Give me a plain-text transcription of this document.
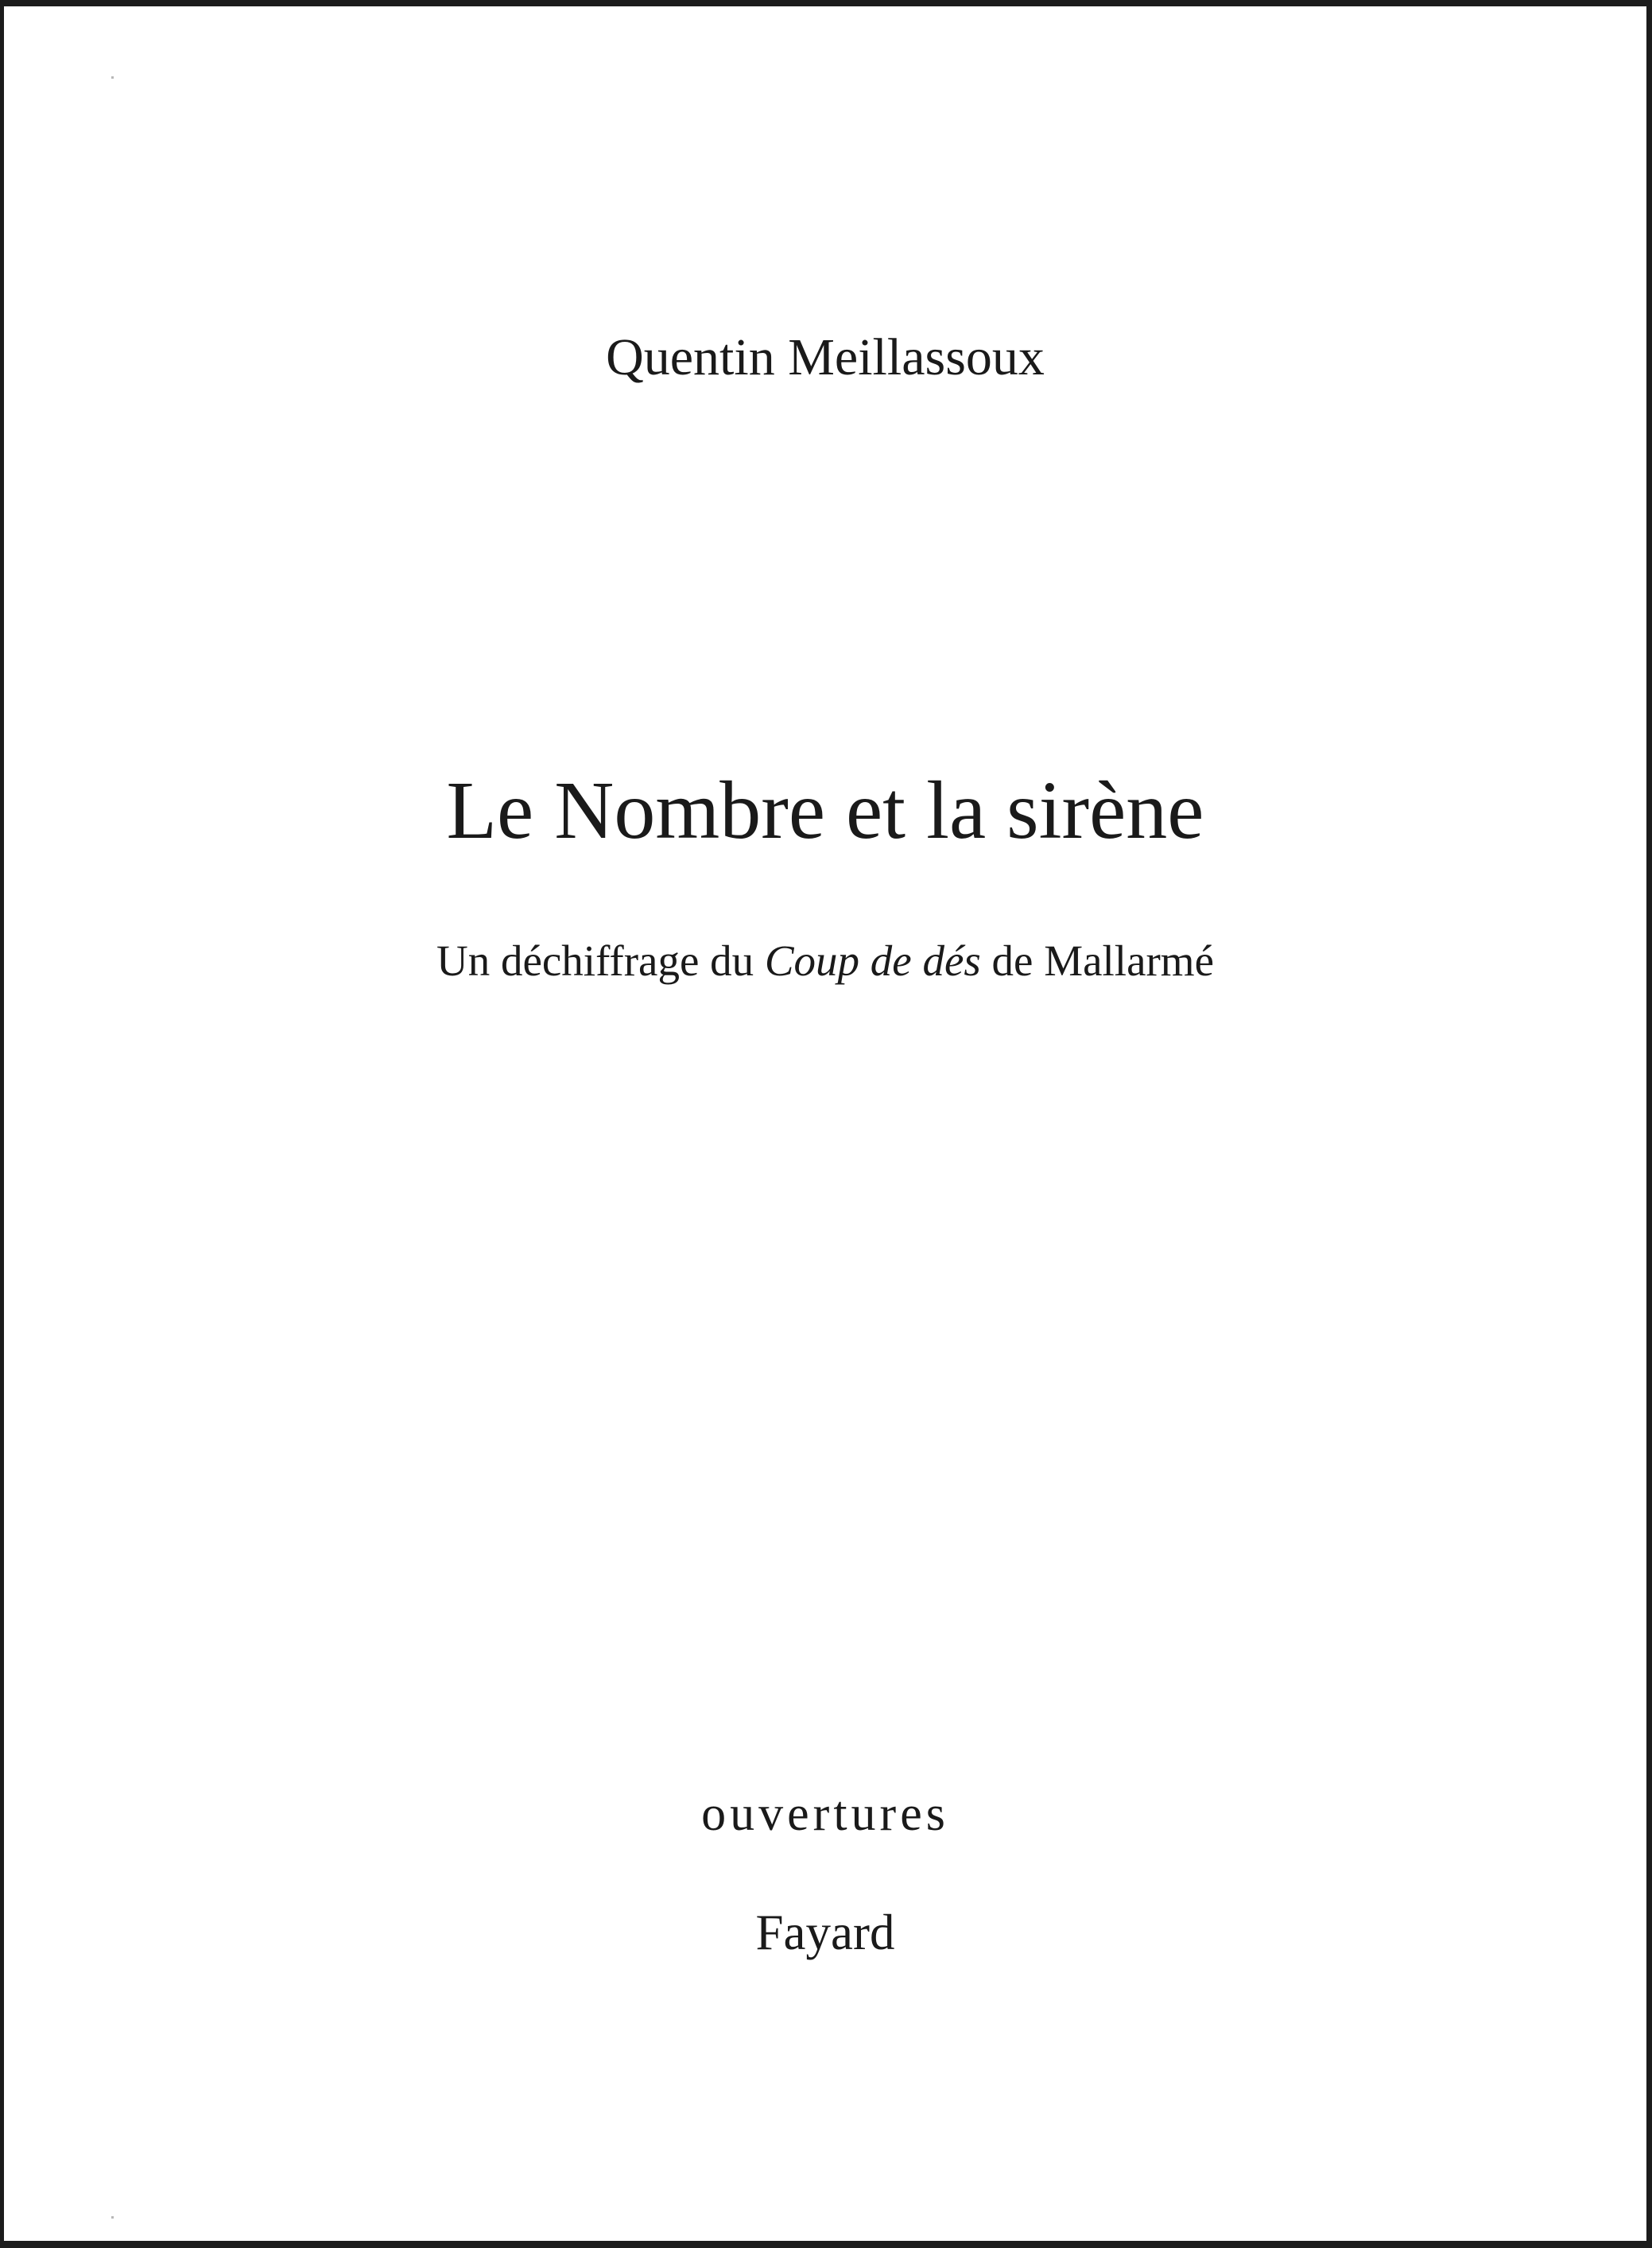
Quentin Meillassoux
Le Nombre et la sirène
Un déchiffrage du Coup de dés de Mallarmé
ouvertures
Fayard
